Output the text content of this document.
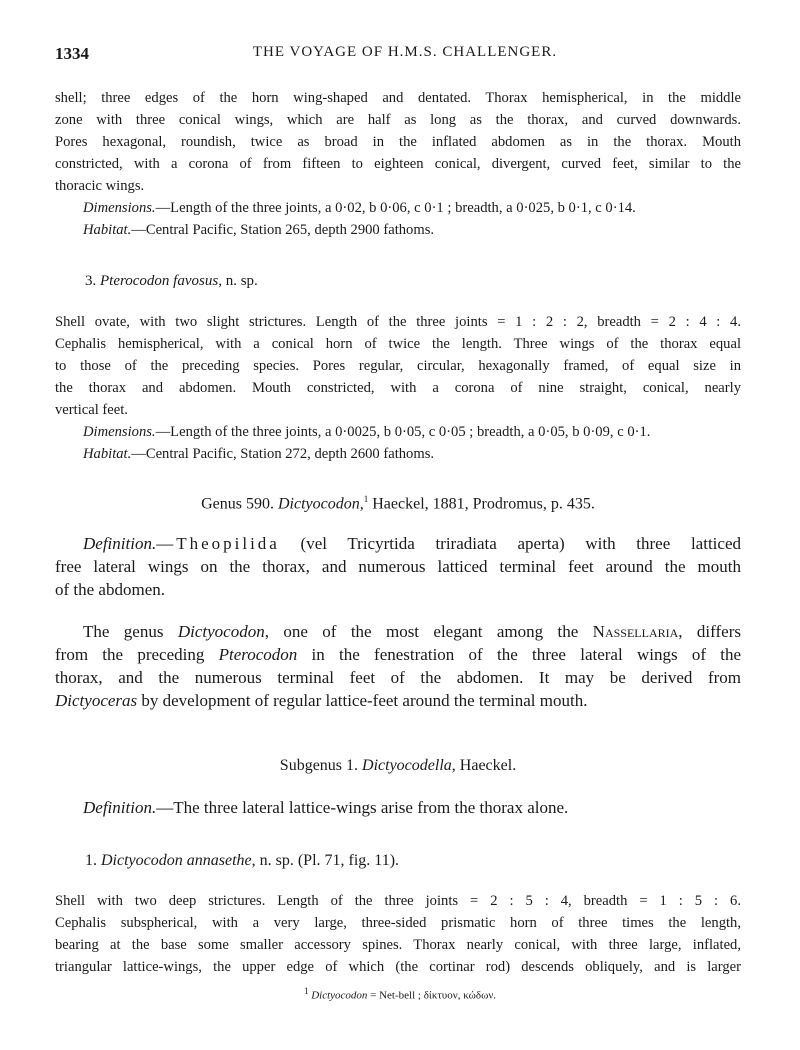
1334	THE VOYAGE OF H.M.S. CHALLENGER.
shell; three edges of the horn wing-shaped and dentated. Thorax hemispherical, in the middle
zone with three conical wings, which are half as long as the thorax, and curved downwards.
Pores hexagonal, roundish, twice as broad in the inflated abdomen as in the thorax. Mouth
constricted, with a corona of from fifteen to eighteen conical, divergent, curved feet, similar to the
thoracic wings.
Dimensions.—Length of the three joints, a 0·02, b 0·06, c 0·1 ; breadth, a 0·025, b 0·1, c 0·14.
Habitat.—Central Pacific, Station 265, depth 2900 fathoms.
3. Pterocodon favosus, n. sp.
Shell ovate, with two slight strictures. Length of the three joints = 1 : 2 : 2, breadth = 2 : 4 : 4.
Cephalis hemispherical, with a conical horn of twice the length. Three wings of the thorax equal
to those of the preceding species. Pores regular, circular, hexagonally framed, of equal size in
the thorax and abdomen. Mouth constricted, with a corona of nine straight, conical, nearly
vertical feet.
Dimensions.—Length of the three joints, a 0·0025, b 0·05, c 0·05 ; breadth, a 0·05, b 0·09, c 0·1.
Habitat.—Central Pacific, Station 272, depth 2600 fathoms.
Genus 590. Dictyocodon,$^1$ Haeckel, 1881, Prodromus, p. 435.
Definition.—Theopilida (vel Tricyrtida triradiata aperta) with three latticed
free lateral wings on the thorax, and numerous latticed terminal feet around the mouth
of the abdomen.
The genus Dictyocodon, one of the most elegant among the Nassellaria, differs
from the preceding Pterocodon in the fenestration of the three lateral wings of the
thorax, and the numerous terminal feet of the abdomen. It may be derived from
Dictyoceras by development of regular lattice-feet around the terminal mouth.
Subgenus 1. Dictyocodella, Haeckel.
Definition.—The three lateral lattice-wings arise from the thorax alone.
1. Dictyocodon annasethe, n. sp. (Pl. 71, fig. 11).
Shell with two deep strictures. Length of the three joints = 2 : 5 : 4, breadth = 1 : 5 : 6.
Cephalis subspherical, with a very large, three-sided prismatic horn of three times the length,
bearing at the base some smaller accessory spines. Thorax nearly conical, with three large, inflated,
triangular lattice-wings, the upper edge of which (the cortinar rod) descends obliquely, and is larger
$^1$ Dictyocodon = Net-bell ; δίκτυον, κώδων.
